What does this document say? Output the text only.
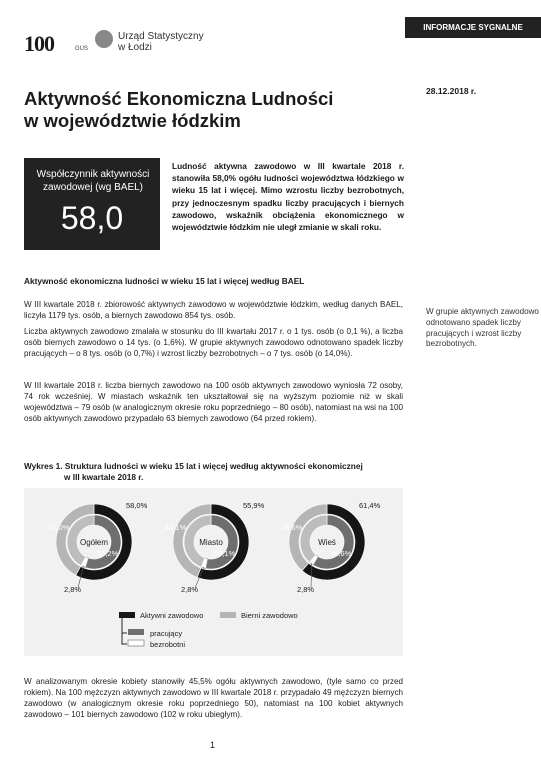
100	GUS
Urząd Statystyczny
w Łodzi
INFORMACJE SYGNALNE
28.12.2018 r.
Aktywność Ekonomiczna Ludności
w województwie łódzkim
Współczynnik aktywności zawodowej (wg BAEL)
58,0
Ludność aktywna zawodowo w III kwartale 2018 r. stanowiła 58,0% ogółu ludności województwa łódzkiego w wieku 15 lat i więcej. Mimo wzrostu liczby bezrobotnych, przy jednoczesnym spadku liczby pracujących i biernych zawodowo, wskaźnik obciążenia ekonomicznego w województwie łódzkim nie uległ zmianie w skali roku.
Aktywność ekonomiczna ludności w wieku 15 lat i więcej według BAEL
W grupie aktywnych zawodowo odnotowano spadek liczby pracujących i wzrost liczby bezrobotnych.
W III kwartale 2018 r. zbiorowość aktywnych zawodowo w województwie łódzkim, według danych BAEL, liczyła 1179 tys. osób, a biernych zawodowo 854 tys. osób.
Liczba aktywnych zawodowo zmalała w stosunku do III kwartału 2017 r. o 1 tys. osób (o 0,1 %), a liczba osób biernych zawodowo o 14 tys. (o 1,6%). W grupie aktywnych zawodowo odnotowano spadek liczby pracujących – o 8 tys. osób (o 0,7%) i wzrost liczby bezrobotnych – o 7 tys. osób (o 14,0%).
W III kwartale 2018 r. liczba biernych zawodowo na 100 osób aktywnych zawodowo wyniosła 72 osoby, 74 rok wcześniej. W miastach wskaźnik ten ukształtował się na wyższym poziomie niż w skali województwa – 79 osób (w analogicznym okresie roku poprzedniego – 80 osób), natomiast na wsi na 100 osób aktywnych zawodowo przypadało 63 biernych zawodowo (64 przed rokiem).
Wykres 1. Struktura ludności w wieku 15 lat i więcej według aktywności ekonomicznej
w III kwartale 2018 r.
Ogółem
58,0%
42,0%
55,2%
2,8%
Miasto
55,9%
44,1%
53,1%
2,8%
Wieś
61,4%
38,6%
58,6%
2,8%
Aktywni zawodowo	Bierni zawodowo
pracujący
bezrobotni
W analizowanym okresie kobiety stanowiły 45,5% ogółu aktywnych zawodowo, (tyle samo co przed rokiem). Na 100 mężczyzn aktywnych zawodowo w III kwartale 2018 r. przypadało 49 mężczyzn biernych zawodowo (w analogicznym okresie roku poprzedniego 50), natomiast na 100 kobiet aktywnych zawodowo – 101 biernych zawodowo (102 w roku ubiegłym).
1
